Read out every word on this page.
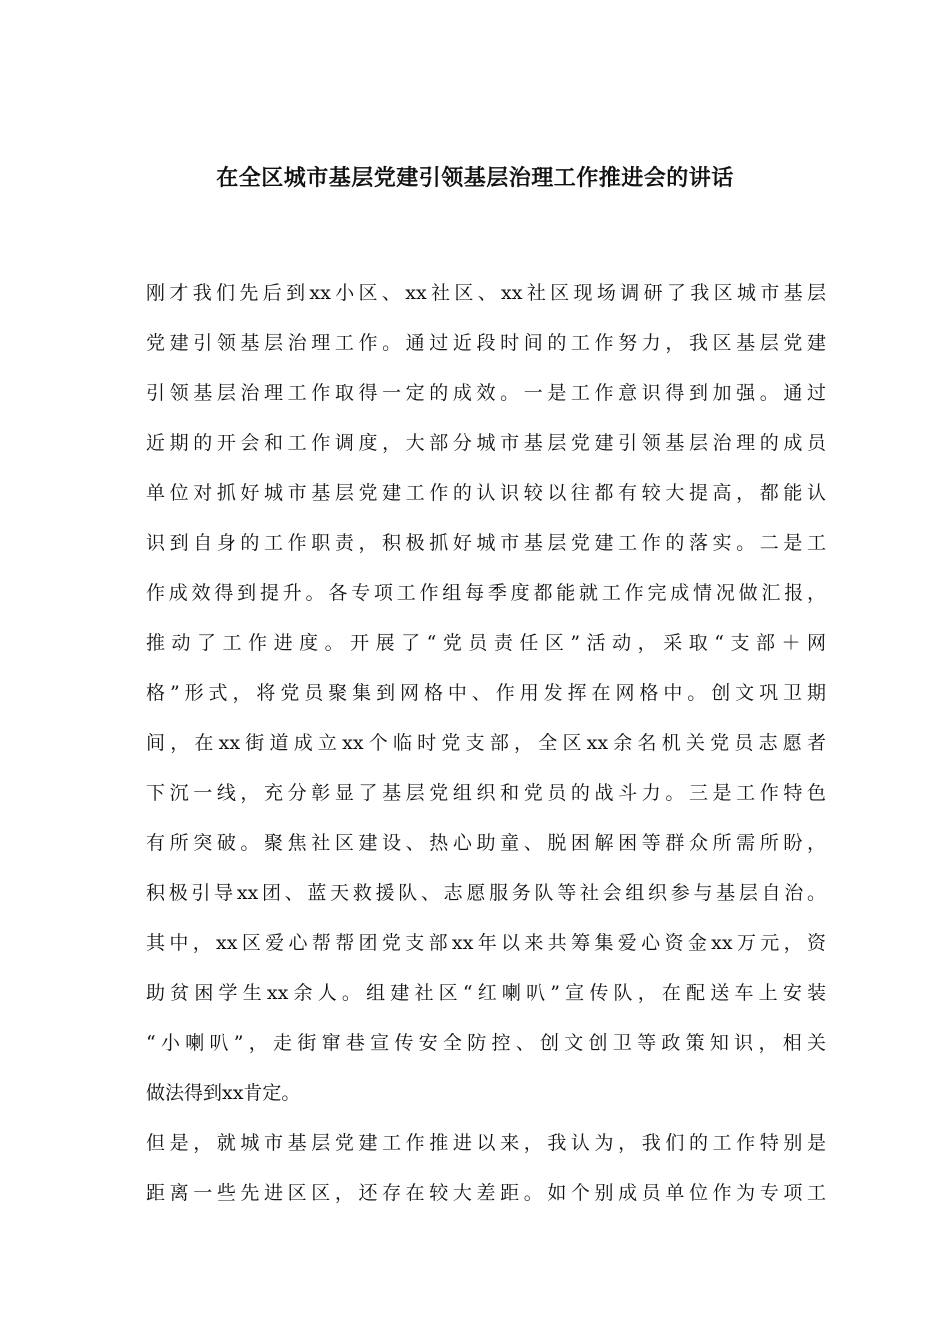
在全区城市基层党建引领基层治理工作推进会的讲话
刚才我们先后到xx小区、xx社区、xx社区现场调研了我区城市基层
党建引领基层治理工作。通过近段时间的工作努力，我区基层党建
引领基层治理工作取得一定的成效。一是工作意识得到加强。通过
近期的开会和工作调度，大部分城市基层党建引领基层治理的成员
单位对抓好城市基层党建工作的认识较以往都有较大提高，都能认
识到自身的工作职责，积极抓好城市基层党建工作的落实。二是工
作成效得到提升。各专项工作组每季度都能就工作完成情况做汇报，
推动了工作进度。开展了“党员责任区”活动，采取“支部＋网
格”形式，将党员聚集到网格中、作用发挥在网格中。创文巩卫期
间，在xx街道成立xx个临时党支部，全区xx余名机关党员志愿者
下沉一线，充分彰显了基层党组织和党员的战斗力。三是工作特色
有所突破。聚焦社区建设、热心助童、脱困解困等群众所需所盼，
积极引导xx团、蓝天救援队、志愿服务队等社会组织参与基层自治。
其中，xx区爱心帮帮团党支部xx年以来共筹集爱心资金xx万元，资
助贫困学生xx余人。组建社区“红喇叭”宣传队，在配送车上安装
“小喇叭”，走街窜巷宣传安全防控、创文创卫等政策知识，相关
做法得到xx肯定。
但是，就城市基层党建工作推进以来，我认为，我们的工作特别是
距离一些先进区区，还存在较大差距。如个别成员单位作为专项工
